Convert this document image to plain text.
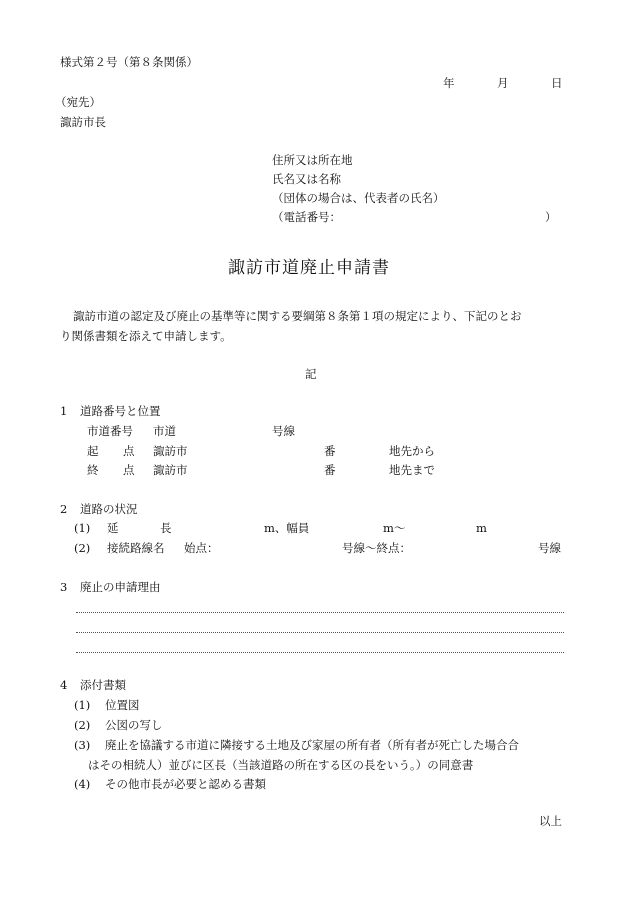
様式第２号（第８条関係）
年	月	日
（宛先）
諏訪市長
住所又は所在地
氏名又は名称
（団体の場合は、代表者の氏名）
（電話番号：	）
諏訪市道廃止申請書
諏訪市道の認定及び廃止の基準等に関する要綱第８条第１項の規定により、下記のとお
り関係書類を添えて申請します。
記
1 道路番号と位置
市道番号 市道	号線
起 点 諏訪市	番	地先から
終 点 諏訪市	番	地先まで
2 道路の状況
(1) 延	長	m、幅員	m～	m
(2) 接続路線名 始点：	号線～終点：	号線
3 廃止の申請理由
4 添付書類
(1) 位置図
(2) 公図の写し
(3) 廃止を協議する市道に隣接する土地及び家屋の所有者（所有者が死亡した場合合
はその相続人）並びに区長（当該道路の所在する区の長をいう。）の同意書
(4) その他市長が必要と認める書類
以上
